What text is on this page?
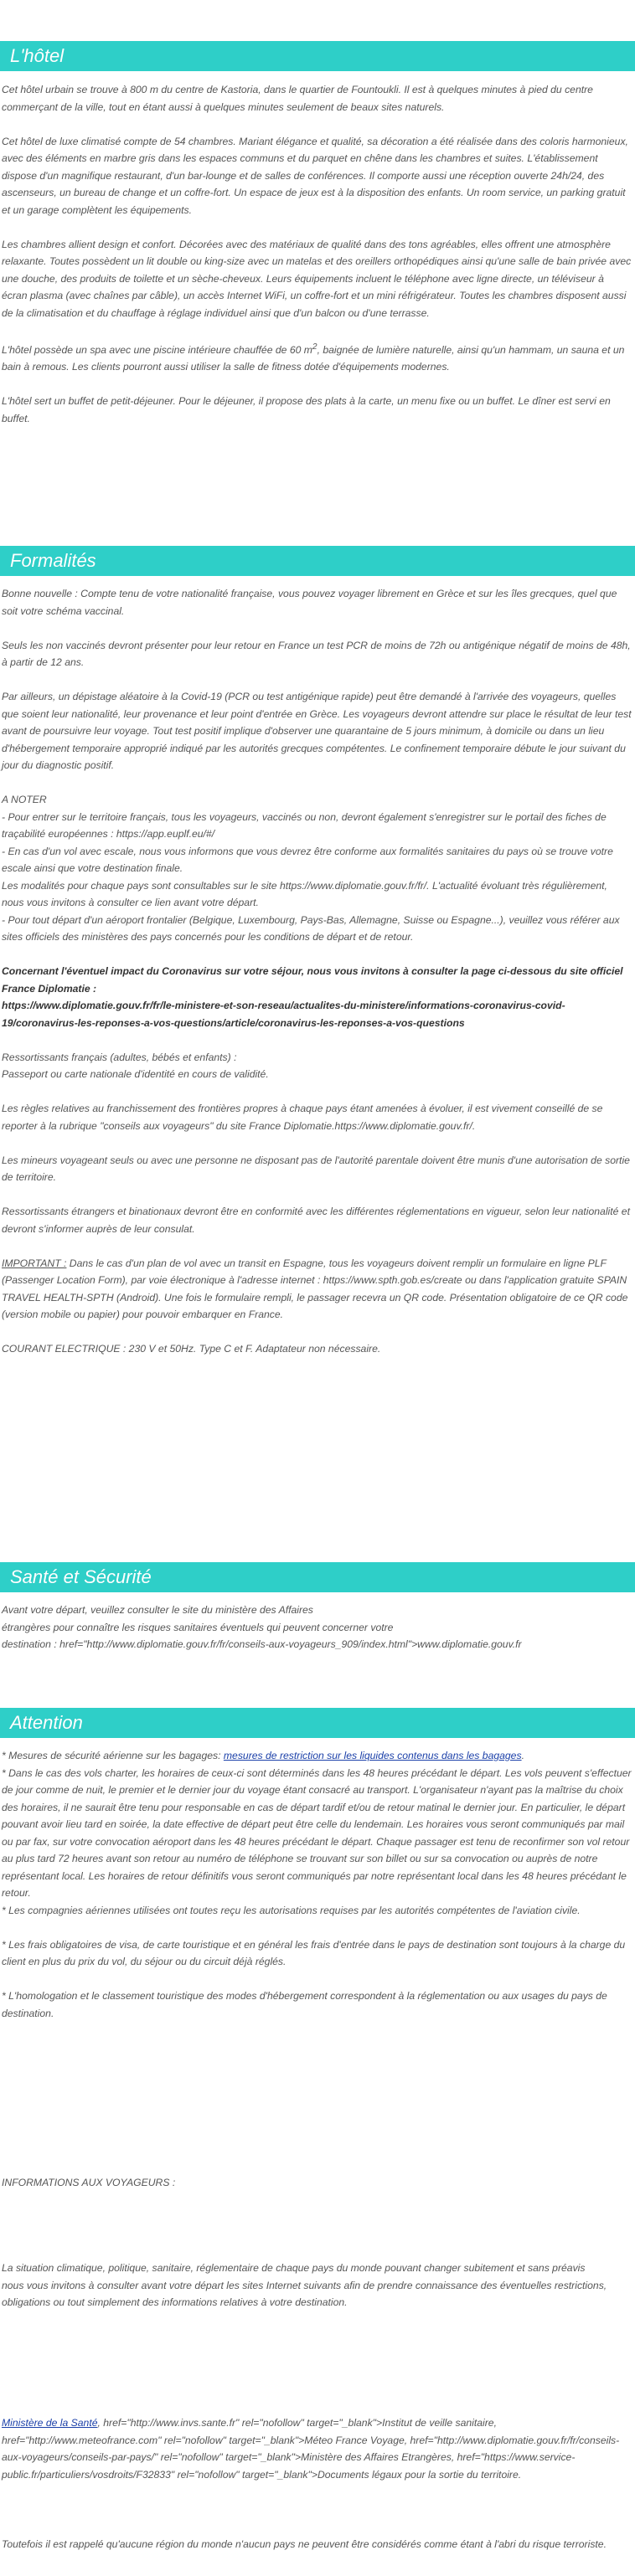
L'hôtel

Cet hôtel urbain se trouve à 800 m du centre de Kastoria, dans le quartier de Fountoukli. Il est à quelques minutes à pied du centre commerçant de la ville, tout en étant aussi à quelques minutes seulement de beaux sites naturels.

Cet hôtel de luxe climatisé compte de 54 chambres. Mariant élégance et qualité, sa décoration a été réalisée dans des coloris harmonieux, avec des éléments en marbre gris dans les espaces communs et du parquet en chêne dans les chambres et suites. L'établissement dispose d'un magnifique restaurant, d'un bar-lounge et de salles de conférences. Il comporte aussi une réception ouverte 24h/24, des ascenseurs, un bureau de change et un coffre-fort. Un espace de jeux est à la disposition des enfants. Un room service, un parking gratuit et un garage complètent les équipements.

Les chambres allient design et confort. Décorées avec des matériaux de qualité dans des tons agréables, elles offrent une atmosphère relaxante. Toutes possèdent un lit double ou king-size avec un matelas et des oreillers orthopédiques ainsi qu'une salle de bain privée avec une douche, des produits de toilette et un sèche-cheveux. Leurs équipements incluent le téléphone avec ligne directe, un téléviseur à écran plasma (avec chaînes par câble), un accès Internet WiFi, un coffre-fort et un mini réfrigérateur. Toutes les chambres disposent aussi de la climatisation et du chauffage à réglage individuel ainsi que d'un balcon ou d'une terrasse.

L'hôtel possède un spa avec une piscine intérieure chauffée de 60 $m^2$, baignée de lumière naturelle, ainsi qu'un hammam, un sauna et un bain à remous. Les clients pourront aussi utiliser la salle de fitness dotée d'équipements modernes.

L'hôtel sert un buffet de petit-déjeuner. Pour le déjeuner, il propose des plats à la carte, un menu fixe ou un buffet. Le dîner est servi en buffet.

Formalités

Bonne nouvelle : Compte tenu de votre nationalité française, vous pouvez voyager librement en Grèce et sur les îles grecques, quel que soit votre schéma vaccinal.

Seuls les non vaccinés devront présenter pour leur retour en France un test PCR de moins de 72h ou antigénique négatif de moins de 48h, à partir de 12 ans.

Par ailleurs, un dépistage aléatoire à la Covid-19 (PCR ou test antigénique rapide) peut être demandé à l'arrivée des voyageurs, quelles que soient leur nationalité, leur provenance et leur point d'entrée en Grèce. Les voyageurs devront attendre sur place le résultat de leur test avant de poursuivre leur voyage. Tout test positif implique d'observer une quarantaine de 5 jours minimum, à domicile ou dans un lieu d'hébergement temporaire approprié indiqué par les autorités grecques compétentes. Le confinement temporaire débute le jour suivant du jour du diagnostic positif.

A NOTER

- Pour entrer sur le territoire français, tous les voyageurs, vaccinés ou non, devront également s'enregistrer sur le portail des fiches de traçabilité européennes : https://app.euplf.eu/#/

- En cas d'un vol avec escale, nous vous informons que vous devrez être conforme aux formalités sanitaires du pays où se trouve votre escale ainsi que votre destination finale.

Les modalités pour chaque pays sont consultables sur le site https://www.diplomatie.gouv.fr/fr/. L'actualité évoluant très régulièrement, nous vous invitons à consulter ce lien avant votre départ.

- Pour tout départ d'un aéroport frontalier (Belgique, Luxembourg, Pays-Bas, Allemagne, Suisse ou Espagne...), veuillez vous référer aux sites officiels des ministères des pays concernés pour les conditions de départ et de retour.

Concernant l'éventuel impact du Coronavirus sur votre séjour, nous vous invitons à consulter la page ci-dessous du site officiel France Diplomatie :

https://www.diplomatie.gouv.fr/fr/le-ministere-et-son-reseau/actualites-du-ministere/informations-coronavirus-covid-19/coronavirus-les-reponses-a-vos-questions/article/coronavirus-les-reponses-a-vos-questions

Ressortissants français (adultes, bébés et enfants) :

Passeport ou carte nationale d'identité en cours de validité.

Les règles relatives au franchissement des frontières propres à chaque pays étant amenées à évoluer, il est vivement conseillé de se reporter à la rubrique "conseils aux voyageurs" du site France Diplomatie.https://www.diplomatie.gouv.fr/.

Les mineurs voyageant seuls ou avec une personne ne disposant pas de l'autorité parentale doivent être munis d'une autorisation de sortie de territoire.

Ressortissants étrangers et binationaux devront être en conformité avec les différentes réglementations en vigueur, selon leur nationalité et devront s'informer auprès de leur consulat.

IMPORTANT : Dans le cas d'un plan de vol avec un transit en Espagne, tous les voyageurs doivent remplir un formulaire en ligne PLF (Passenger Location Form), par voie électronique à l'adresse internet : https://www.spth.gob.es/create ou dans l'application gratuite SPAIN TRAVEL HEALTH-SPTH (Android). Une fois le formulaire rempli, le passager recevra un QR code. Présentation obligatoire de ce QR code (version mobile ou papier) pour pouvoir embarquer en France.

COURANT ELECTRIQUE : 230 V et 50Hz. Type C et F. Adaptateur non nécessaire.

Santé et Sécurité

Avant votre départ, veuillez consulter le site du ministère des Affaires

étrangères pour connaître les risques sanitaires éventuels qui peuvent concerner votre

destination : href="http://www.diplomatie.gouv.fr/fr/conseils-aux-voyageurs_909/index.html">www.diplomatie.gouv.fr

Attention

* Mesures de sécurité aérienne sur les bagages: mesures de restriction sur les liquides contenus dans les bagages.

* Dans le cas des vols charter, les horaires de ceux-ci sont déterminés dans les 48 heures précédant le départ. Les vols peuvent s'effectuer de jour comme de nuit, le premier et le dernier jour du voyage étant consacré au transport. L'organisateur n'ayant pas la maîtrise du choix des horaires, il ne saurait être tenu pour responsable en cas de départ tardif et/ou de retour matinal le dernier jour. En particulier, le départ pouvant avoir lieu tard en soirée, la date effective de départ peut être celle du lendemain. Les horaires vous seront communiqués par mail ou par fax, sur votre convocation aéroport dans les 48 heures précédant le départ. Chaque passager est tenu de reconfirmer son vol retour au plus tard 72 heures avant son retour au numéro de téléphone se trouvant sur son billet ou sur sa convocation ou auprès de notre représentant local. Les horaires de retour définitifs vous seront communiqués par notre représentant local dans les 48 heures précédant le retour.

* Les compagnies aériennes utilisées ont toutes reçu les autorisations requises par les autorités compétentes de l'aviation civile.

* Les frais obligatoires de visa, de carte touristique et en général les frais d'entrée dans le pays de destination sont toujours à la charge du client en plus du prix du vol, du séjour ou du circuit déjà réglés.

* L'homologation et le classement touristique des modes d'hébergement correspondent à la réglementation ou aux usages du pays de destination.

INFORMATIONS AUX VOYAGEURS :

La situation climatique, politique, sanitaire, réglementaire de chaque pays du monde pouvant changer subitement et sans préavis

nous vous invitons à consulter avant votre départ les sites Internet suivants afin de prendre connaissance des éventuelles restrictions, obligations ou tout simplement des informations relatives à votre destination.

Ministère de la Santé, href="http://www.invs.sante.fr" rel="nofollow" target="_blank">Institut de veille sanitaire, href="http://www.meteofrance.com" rel="nofollow" target="_blank">Méteo France Voyage, href="http://www.diplomatie.gouv.fr/fr/conseils-aux-voyageurs/conseils-par-pays/" rel="nofollow" target="_blank">Ministère des Affaires Etrangères, href="https://www.service-public.fr/particuliers/vosdroits/F32833" rel="nofollow" target="_blank">Documents légaux pour la sortie du territoire.

Toutefois il est rappelé qu'aucune région du monde n'aucun pays ne peuvent être considérés comme étant à l'abri du risque terroriste.
